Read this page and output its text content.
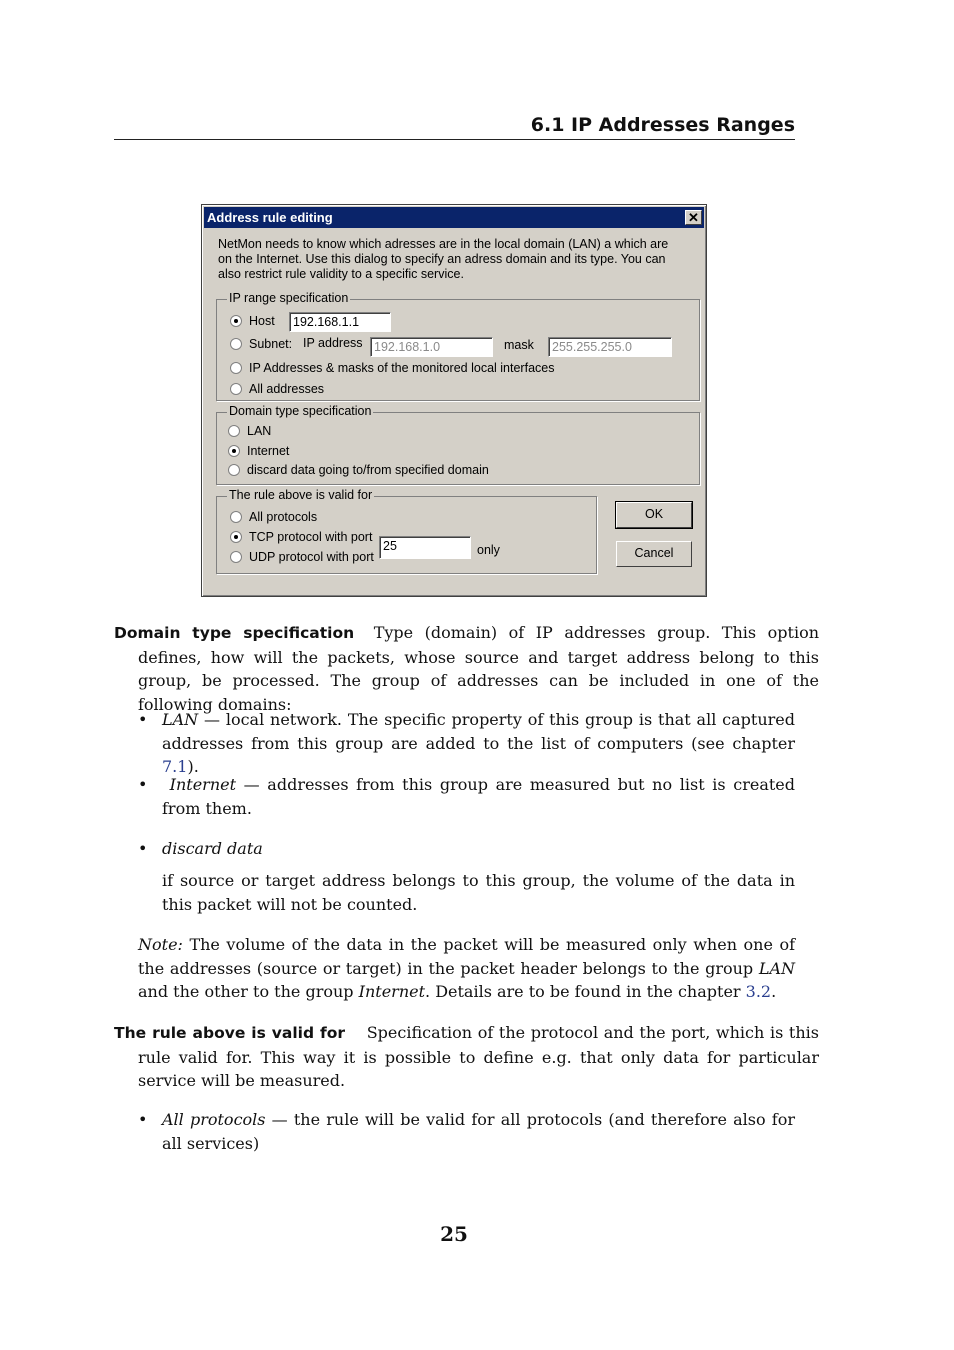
6.1 IP Addresses Ranges
Address rule editing	✕
NetMon needs to know which adresses are in the local domain (LAN) a which are on the Internet. Use this dialog to specify an adress domain and its type. You can also restrict rule validity to a specific service.
IP range specification
Host	192.168.1.1
Subnet: IP address 192.168.1.0	mask	255.255.255.0
IP Addresses & masks of the monitored local interfaces
All addresses
Domain type specification
LAN
Internet
discard data going to/from specified domain
The rule above is valid for
All protocols
TCP protocol with port
UDP protocol with port
25	only
OK
Cancel
Domain type specification Type (domain) of IP addresses group. This option defines, how will the packets, whose source and target address belong to this group, be processed. The group of addresses can be included in one of the following domains:
• LAN — local network. The specific property of this group is that all captured addresses from this group are added to the list of computers (see chapter 7.1).
•	Internet — addresses from this group are measured but no list is created from them.
• discard data
if source or target address belongs to this group, the volume of the data in this packet will not be counted.
Note: The volume of the data in the packet will be measured only when one of the addresses (source or target) in the packet header belongs to the group LAN and the other to the group Internet. Details are to be found in the chapter 3.2.
The rule above is valid for Specification of the protocol and the port, which is this rule valid for. This way it is possible to define e.g. that only data for particular service will be measured.
• All protocols — the rule will be valid for all protocols (and therefore also for all services)
25
